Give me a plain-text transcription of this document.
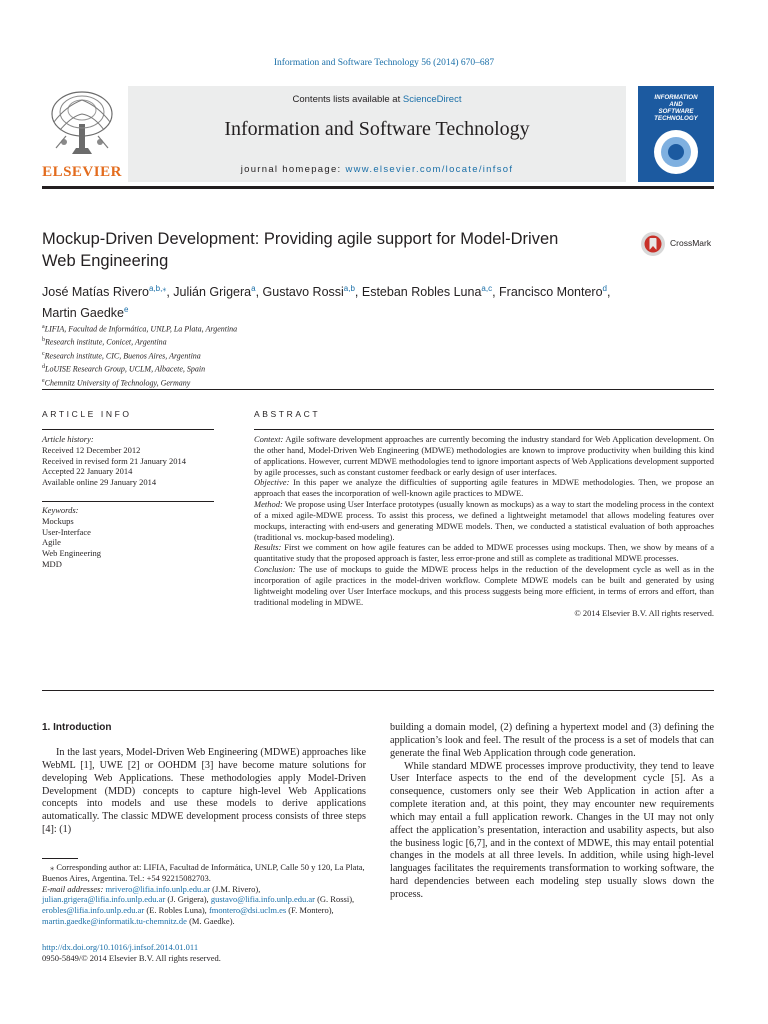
Information and Software Technology 56 (2014) 670–687
ELSEVIER
Contents lists available at ScienceDirect
Information and Software Technology
journal homepage: www.elsevier.com/locate/infsof
INFORMATION
AND
SOFTWARE
TECHNOLOGY
Mockup-Driven Development: Providing agile support for Model-Driven
Web Engineering
CrossMark
José Matías Rivero$^{a,b,⁎}$, Julián Grigera$^a$, Gustavo Rossi$^{a,b}$, Esteban Robles Luna$^{a,c}$, Francisco Montero$^d$,
Martin Gaedke$^e$
$^a$LIFIA, Facultad de Informática, UNLP, La Plata, Argentina
$^b$Research institute, Conicet, Argentina
$^c$Research institute, CIC, Buenos Aires, Argentina
$^d$LoUISE Research Group, UCLM, Albacete, Spain
$^e$Chemnitz University of Technology, Germany
ARTICLE INFO
Article history:
Received 12 December 2012
Received in revised form 21 January 2014
Accepted 22 January 2014
Available online 29 January 2014
Keywords:
Mockups
User-Interface
Agile
Web Engineering
MDD
ABSTRACT
Context: Agile software development approaches are currently becoming the industry standard for Web Application development. On the other hand, Model-Driven Web Engineering (MDWE) methodologies are known to improve productivity when building this kind of applications. However, current MDWE methodologies tend to ignore important aspects of Web Applications development supported by agile processes, such as constant customer feedback or early design of user interfaces.
Objective: In this paper we analyze the difficulties of supporting agile features in MDWE methodologies. Then, we propose an approach that eases the incorporation of well-known agile practices to MDWE.
Method: We propose using User Interface prototypes (usually known as mockups) as a way to start the modeling process in the context of a mixed agile-MDWE process. To assist this process, we defined a lightweight metamodel that allows modeling features over mockups, interacting with end-users and generating MDWE models. Then, we conducted a statistical evaluation of both approaches (traditional vs. mockup-based modeling).
Results: First we comment on how agile features can be added to MDWE processes using mockups. Then, we show by means of a quantitative study that the proposed approach is faster, less error-prone and still as complete as traditional MDWE processes.
Conclusion: The use of mockups to guide the MDWE process helps in the reduction of the development cycle as well as in the incorporation of agile practices in the model-driven workflow. Complete MDWE models can be built and generated by using lightweight modeling over User Interface mockups, and this process suggests being more efficient, in terms of errors and effort, than traditional modeling in MDWE.
© 2014 Elsevier B.V. All rights reserved.
1. Introduction

In the last years, Model-Driven Web Engineering (MDWE) approaches like WebML [1], UWE [2] or OOHDM [3] have become mature solutions for developing Web Applications. These methodologies apply Model-Driven Development (MDD) concepts to capture high-level Web Applications concepts into models and use these models to derive applications automatically. The classic MDWE development process consists of three steps [4]: (1)

building a domain model, (2) defining a hypertext model and (3) defining the application’s look and feel. The result of the process is a set of models that can generate the final Web Application through code generation.

While standard MDWE processes improve productivity, they tend to leave User Interface aspects to the end of the development cycle [5]. As a consequence, customers only see their Web Application in action after a complete iteration and, at this point, they may encounter new requirements which may entail a full application rework. Changes in the UI may not only affect the application’s presentation, interaction and usability aspects, but also the business logic [6,7], and in the context of MDWE, this may entail potential changes in the models at all three levels. In addition, while using high-level languages facilitates the requirements transformation to working software, the hard dependencies between each modeling step usually slows down the process.

⁎ Corresponding author at: LIFIA, Facultad de Informática, UNLP, Calle 50 y 120, La Plata, Buenos Aires, Argentina. Tel.: +54 92215082703.

E-mail addresses: mrivero@lifia.info.unlp.edu.ar (J.M. Rivero), julian.grigera@lifia.info.unlp.edu.ar (J. Grigera), gustavo@lifia.info.unlp.edu.ar (G. Rossi), erobles@lifia.info.unlp.edu.ar (E. Robles Luna), fmontero@dsi.uclm.es (F. Montero), martin.gaedke@informatik.tu-chemnitz.de (M. Gaedke).

http://dx.doi.org/10.1016/j.infsof.2014.01.011
0950-5849/© 2014 Elsevier B.V. All rights reserved.
